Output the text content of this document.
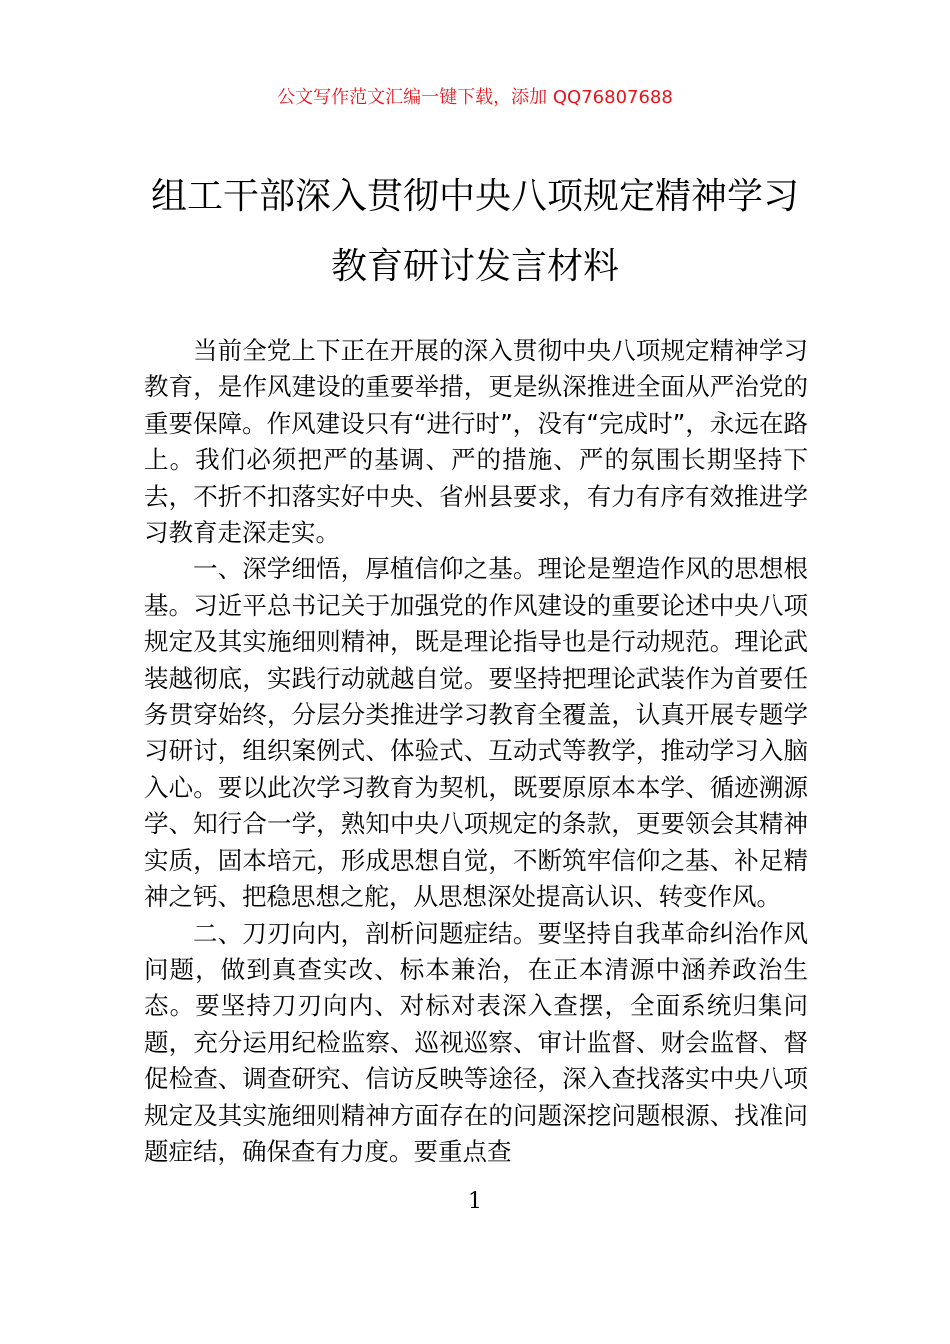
公文写作范文汇编一键下载，添加 QQ76807688
组工干部深入贯彻中央八项规定精神学习
教育研讨发言材料

当前全党上下正在开展的深入贯彻中央八项规定精神学习教育，是作风建设的重要举措，更是纵深推进全面从严治党的重要保障。作风建设只有“进行时”，没有“完成时”，永远在路上。我们必须把严的基调、严的措施、严的氛围长期坚持下去，不折不扣落实好中央、省州县要求，有力有序有效推进学习教育走深走实。

一、深学细悟，厚植信仰之基。理论是塑造作风的思想根基。习近平总书记关于加强党的作风建设的重要论述中央八项规定及其实施细则精神，既是理论指导也是行动规范。理论武装越彻底，实践行动就越自觉。要坚持把理论武装作为首要任务贯穿始终，分层分类推进学习教育全覆盖，认真开展专题学习研讨，组织案例式、体验式、互动式等教学，推动学习入脑入心。要以此次学习教育为契机，既要原原本本学、循迹溯源学、知行合一学，熟知中央八项规定的条款，更要领会其精神实质，固本培元，形成思想自觉，不断筑牢信仰之基、补足精神之钙、把稳思想之舵，从思想深处提高认识、转变作风。

二、刀刃向内，剖析问题症结。要坚持自我革命纠治作风问题，做到真查实改、标本兼治，在正本清源中涵养政治生态。要坚持刀刃向内、对标对表深入查摆，全面系统归集问题，充分运用纪检监察、巡视巡察、审计监督、财会监督、督促检查、调查研究、信访反映等途径，深入查找落实中央八项规定及其实施细则精神方面存在的问题深挖问题根源、找准问题症结，确保查有力度。要重点查

1
